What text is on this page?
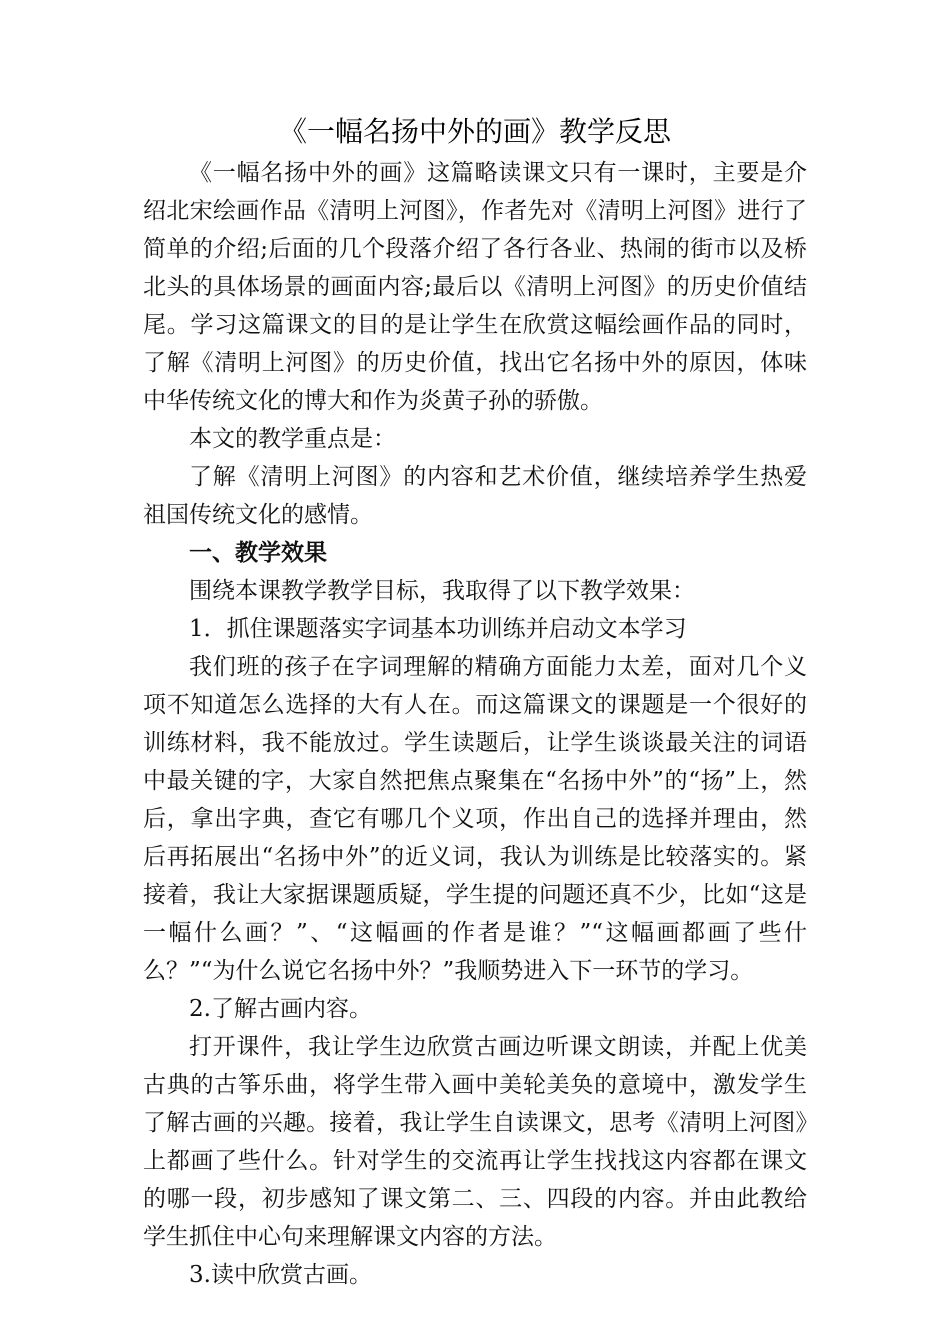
《一幅名扬中外的画》教学反思

《一幅名扬中外的画》这篇略读课文只有一课时，主要是介绍北宋绘画作品《清明上河图》，作者先对《清明上河图》进行了简单的介绍;后面的几个段落介绍了各行各业、热闹的街市以及桥北头的具体场景的画面内容;最后以《清明上河图》的历史价值结尾。学习这篇课文的目的是让学生在欣赏这幅绘画作品的同时，了解《清明上河图》的历史价值，找出它名扬中外的原因，体味中华传统文化的博大和作为炎黄子孙的骄傲。

本文的教学重点是：

了解《清明上河图》的内容和艺术价值，继续培养学生热爱祖国传统文化的感情。

一、教学效果

围绕本课教学教学目标，我取得了以下教学效果：

1．抓住课题落实字词基本功训练并启动文本学习

我们班的孩子在字词理解的精确方面能力太差，面对几个义项不知道怎么选择的大有人在。而这篇课文的课题是一个很好的训练材料，我不能放过。学生读题后，让学生谈谈最关注的词语中最关键的字，大家自然把焦点聚集在“名扬中外”的“扬”上，然后，拿出字典，查它有哪几个义项，作出自己的选择并理由，然后再拓展出“名扬中外”的近义词，我认为训练是比较落实的。紧接着，我让大家据课题质疑，学生提的问题还真不少，比如“这是一幅什么画？”、“这幅画的作者是谁？”“这幅画都画了些什么？”“为什么说它名扬中外？”我顺势进入下一环节的学习。

2.了解古画内容。

打开课件，我让学生边欣赏古画边听课文朗读，并配上优美古典的古筝乐曲，将学生带入画中美轮美奂的意境中，激发学生了解古画的兴趣。接着，我让学生自读课文，思考《清明上河图》上都画了些什么。针对学生的交流再让学生找找这内容都在课文的哪一段，初步感知了课文第二、三、四段的内容。并由此教给学生抓住中心句来理解课文内容的方法。

3.读中欣赏古画。
